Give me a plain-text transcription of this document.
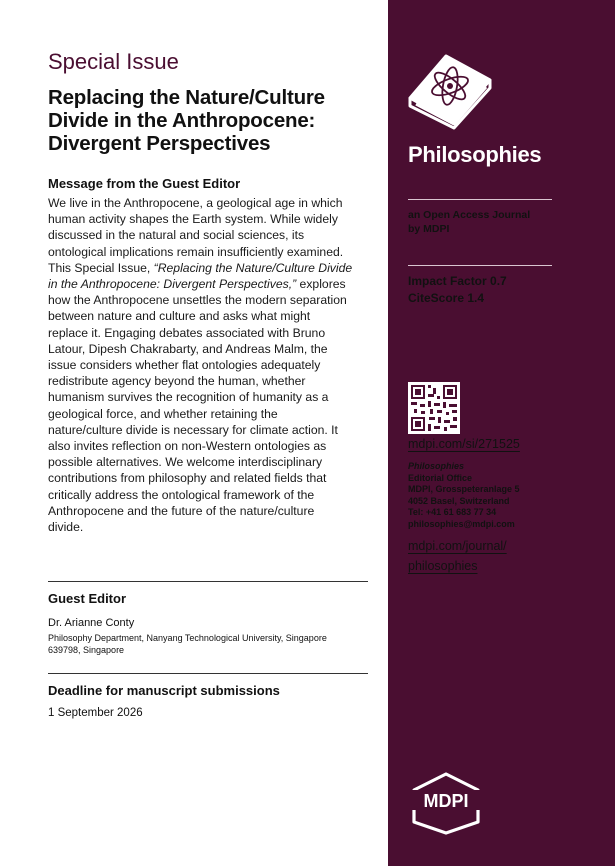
Special Issue
Replacing the Nature/Culture
Divide in the Anthropocene:
Divergent Perspectives
Message from the Guest Editor
We live in the Anthropocene, a geological age in which
human activity shapes the Earth system. While widely
discussed in the natural and social sciences, its
ontological implications remain insufficiently examined.
This Special Issue, “Replacing the Nature/Culture Divide
in the Anthropocene: Divergent Perspectives,” explores
how the Anthropocene unsettles the modern separation
between nature and culture and asks what might
replace it. Engaging debates associated with Bruno
Latour, Dipesh Chakrabarty, and Andreas Malm, the
issue considers whether flat ontologies adequately
redistribute agency beyond the human, whether
humanism survives the recognition of humanity as a
geological force, and whether retaining the
nature/culture divide is necessary for climate action. It
also invites reflection on non-Western ontologies as
possible alternatives. We welcome interdisciplinary
contributions from philosophy and related fields that
critically address the ontological framework of the
Anthropocene and the future of the nature/culture
divide.
Guest Editor
Dr. Arianne Conty
Philosophy Department, Nanyang Technological University, Singapore
639798, Singapore
Deadline for manuscript submissions
1 September 2026
Philosophies
an Open Access Journal
by MDPI
Impact Factor 0.7
CiteScore 1.4
mdpi.com/si/271525
Philosophies
Editorial Office
MDPI, Grosspeteranlage 5
4052 Basel, Switzerland
Tel: +41 61 683 77 34
philosophies@mdpi.com
mdpi.com/journal/
philosophies
MDPI
